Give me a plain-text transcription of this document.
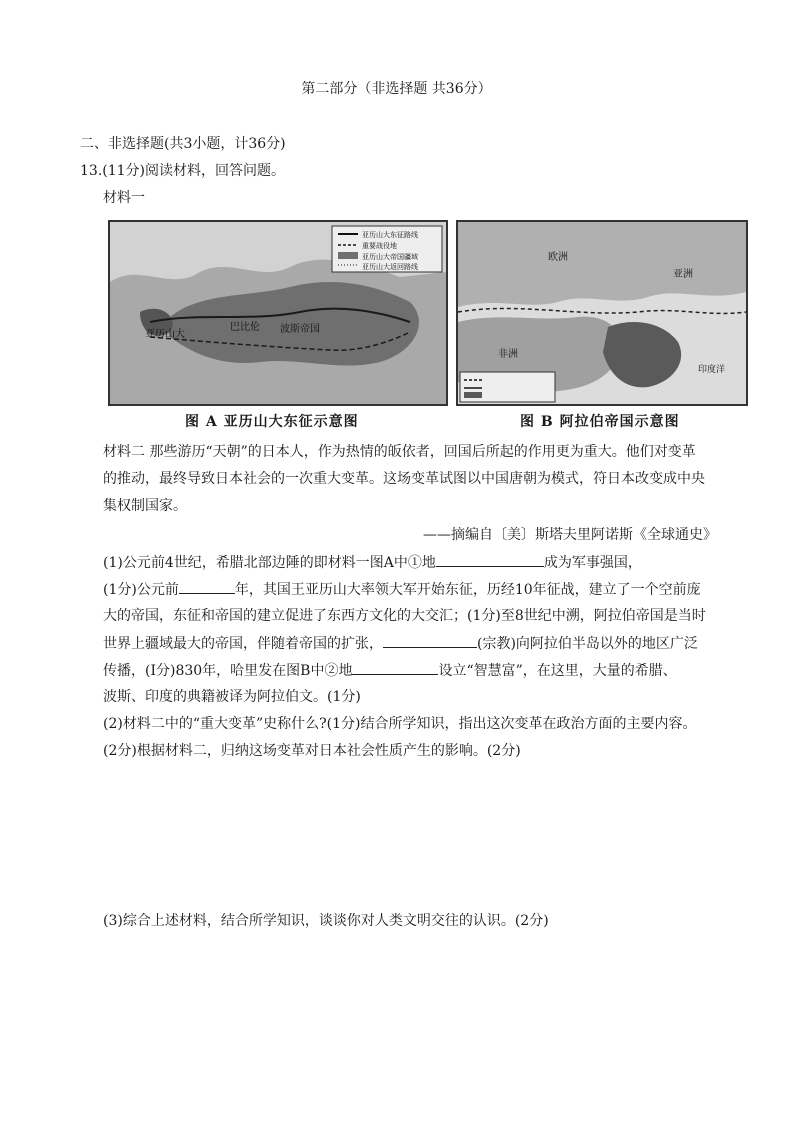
第二部分（非选择题 共36分）
二、非选择题(共3小题，计36分)
13.(11分)阅读材料，回答问题。
材料一
亚历山大东征路线
重要战役地
亚历山大帝国疆域
亚历山大返回路线
亚历山大	波斯帝国
巴比伦
图 A 亚历山大东征示意图
欧洲
亚洲
非洲
印度洋
图 B 阿拉伯帝国示意图
材料二 那些游历“天朝”的日本人，作为热情的皈依者，回国后所起的作用更为重大。他们对变革
的推动，最终导致日本社会的一次重大变革。这场变革试图以中国唐朝为模式，符日本改变成中央
集权制国家。
——摘编自〔美〕斯塔夫里阿诺斯《全球通史》
(1)公元前4世纪，希腊北部边陲的即材料一图A中①地	成为军事强国，
(1分)公元前	年，其国王亚历山大率领大军开始东征，历经10年征战，建立了一个空前庞
大的帝国，东征和帝国的建立促进了东西方文化的大交汇；(1分)至8世纪中溯，阿拉伯帝国是当时
世界上疆域最大的帝国，伴随着帝国的扩张，	(宗教)向阿拉伯半岛以外的地区广泛
传播，(Ⅰ分)830年，哈里发在图B中②地	设立“智慧富”，在这里，大量的希腊、
波斯、印度的典籍被译为阿拉伯文。(1分)
(2)材料二中的“重大变革”史称什么?(1分)结合所学知识，指出这次变革在政治方面的主要内容。
(2分)根据材料二，归纳这场变革对日本社会性质产生的影响。(2分)
(3)综合上述材料，结合所学知识，谈谈你对人类文明交往的认识。(2分)
